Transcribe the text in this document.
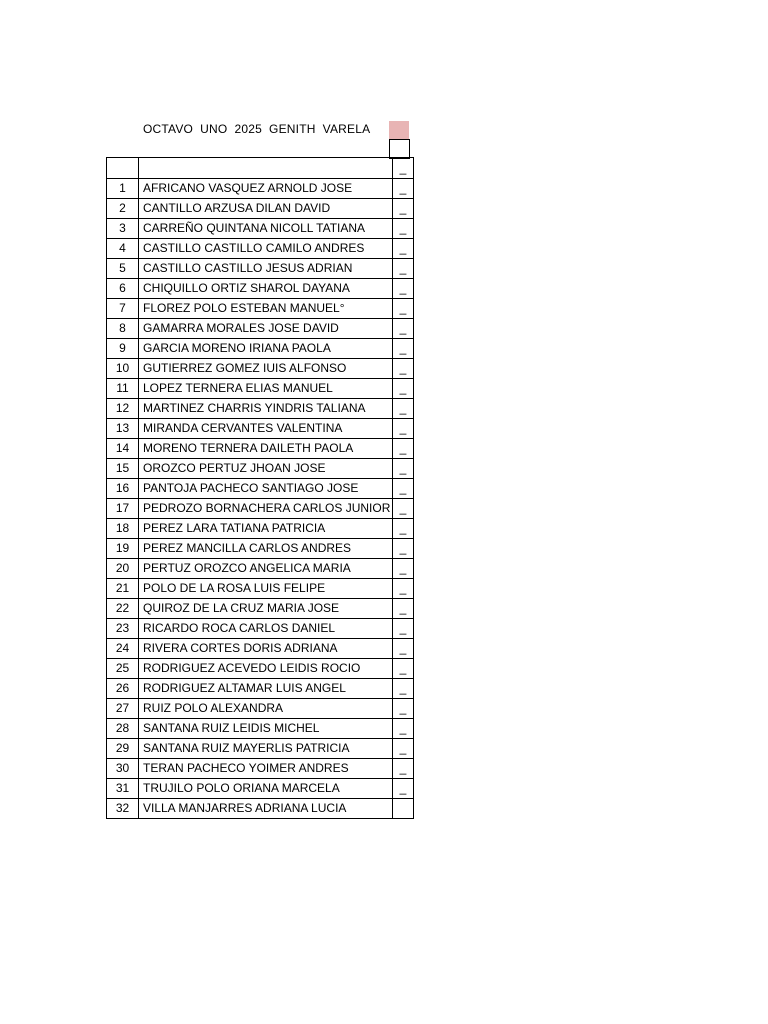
OCTAVO  UNO  2025  GENITH  VARELA
		_
1	AFRICANO VASQUEZ ARNOLD JOSE	_
2	CANTILLO ARZUSA DILAN DAVID	_
3	CARREÑO QUINTANA NICOLL TATIANA	_
4	CASTILLO CASTILLO CAMILO ANDRES	_
5	CASTILLO CASTILLO JESUS ADRIAN	_
6	CHIQUILLO ORTIZ SHAROL DAYANA	_
7	FLOREZ POLO ESTEBAN MANUEL°	_
8	GAMARRA MORALES JOSE DAVID	_
9	GARCIA MORENO IRIANA PAOLA	_
10	GUTIERREZ GOMEZ IUIS ALFONSO	_
11	LOPEZ TERNERA ELIAS MANUEL	_
12	MARTINEZ CHARRIS YINDRIS TALIANA	_
13	MIRANDA CERVANTES VALENTINA	_
14	MORENO TERNERA DAILETH PAOLA	_
15	OROZCO PERTUZ JHOAN JOSE	_
16	PANTOJA PACHECO SANTIAGO JOSE	_
17	PEDROZO BORNACHERA CARLOS JUNIOR	_
18	PEREZ LARA TATIANA PATRICIA	_
19	PEREZ MANCILLA CARLOS ANDRES	_
20	PERTUZ OROZCO ANGELICA MARIA	_
21	POLO DE LA ROSA LUIS FELIPE	_
22	QUIROZ DE LA CRUZ MARIA JOSE	_
23	RICARDO ROCA CARLOS DANIEL	_
24	RIVERA CORTES DORIS ADRIANA	_
25	RODRIGUEZ ACEVEDO LEIDIS ROCIO	_
26	RODRIGUEZ ALTAMAR LUIS ANGEL	_
27	RUIZ POLO ALEXANDRA	_
28	SANTANA RUIZ LEIDIS MICHEL	_
29	SANTANA RUIZ MAYERLIS PATRICIA	_
30	TERAN PACHECO YOIMER ANDRES	_
31	TRUJILO POLO ORIANA MARCELA	_
32	VILLA MANJARRES ADRIANA LUCIA	
